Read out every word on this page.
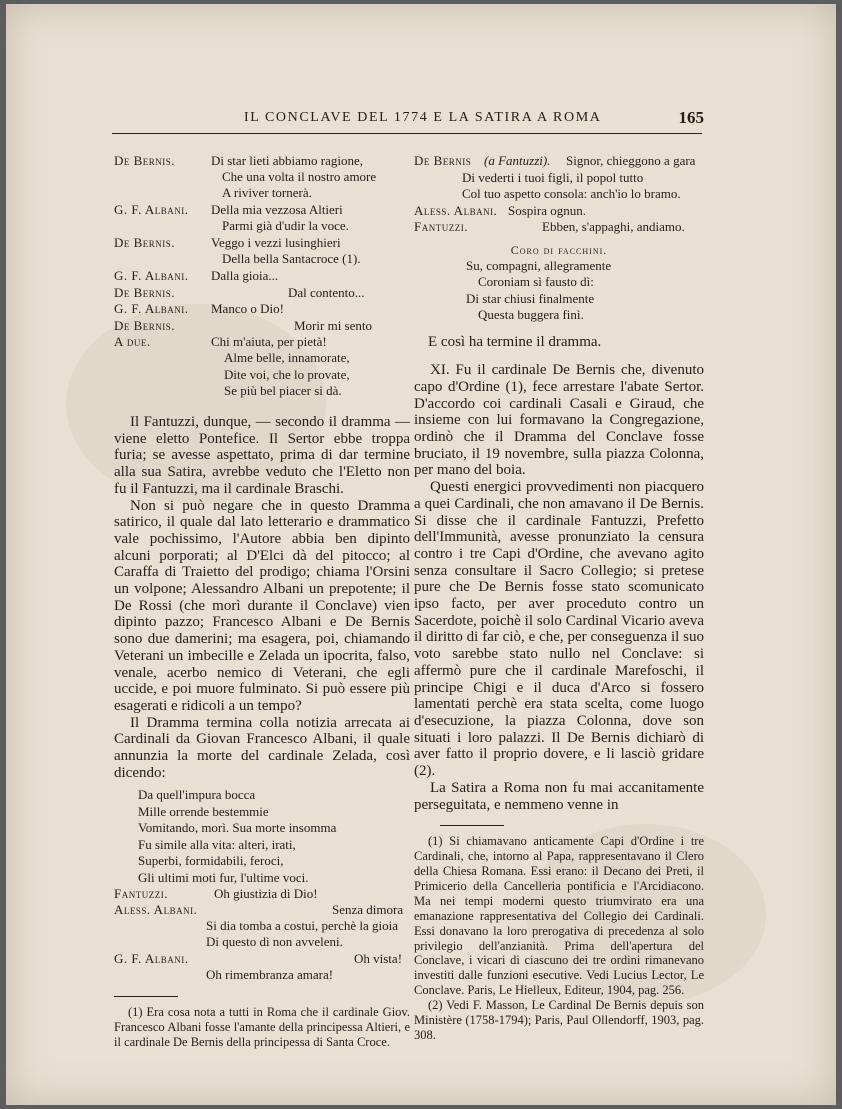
IL CONCLAVE DEL 1774 E LA SATIRA A ROMA	165
De Bernis.	Di star lieti abbiamo ragione,
Che una volta il nostro amore
A riviver tornerà.
G. F. Albani. Della mia vezzosa Altieri
Parmi già d'udir la voce.
De Bernis.	Veggo i vezzi lusinghieri
Della bella Santacroce (1).
G. F. Albani. Dalla gioia...
De Bernis.	Dal contento...
G. F. Albani. Manco o Dio!
De Bernis.	Morir mi sento
A due.	Chi m'aiuta, per pietà!
Alme belle, innamorate,
Dite voi, che lo provate,
Se più bel piacer si dà.

Il Fantuzzi, dunque, — secondo il dramma — viene eletto Pontefice. Il Sertor ebbe troppa furia; se avesse aspettato, prima di dar termine alla sua Satira, avrebbe veduto che l'Eletto non fu il Fantuzzi, ma il cardinale Braschi.

Non si può negare che in questo Dramma satirico, il quale dal lato letterario e drammatico vale pochissimo, l'Autore abbia ben dipinto alcuni porporati; al D'Elci dà del pitocco; al Caraffa di Traietto del prodigo; chiama l'Orsini un volpone; Alessandro Albani un prepotente; il De Rossi (che morì durante il Conclave) vien dipinto pazzo; Francesco Albani e De Bernis sono due damerini; ma esagera, poi, chiamando Veterani un imbecille e Zelada un ipocrita, falso, venale, acerbo nemico di Veterani, che egli uccide, e poi muore fulminato. Si può essere più esagerati e ridicoli a un tempo?

Il Dramma termina colla notizia arrecata ai Cardinali da Giovan Francesco Albani, il quale annunzia la morte del cardinale Zelada, così dicendo:

Da quell'impura bocca
Mille orrende bestemmie
Vomitando, morì. Sua morte insomma
Fu simile alla vita: alteri, irati,
Superbi, formidabili, feroci,
Gli ultimi moti fur, l'ultime voci.
Fantuzzi.	Oh giustizia di Dio!
Aless. Albani.	Senza dimora
Si dia tomba a costui, perchè la gioia
Di questo dì non avveleni.
G. F. Albani.	Oh vista!
Oh rimembranza amara!

(1) Era cosa nota a tutti in Roma che il cardinale Giov. Francesco Albani fosse l'amante della principessa Altieri, e il cardinale De Bernis della principessa di Santa Croce.

De Bernis (a Fantuzzi). Signor, chieggono a gara
Di vederti i tuoi figli, il popol tutto
Col tuo aspetto consola: anch'io lo bramo.
Aless. Albani. Sospira ognun.
Fantuzzi.	Ebben, s'appaghi, andiamo.
Coro di facchini.
Su, compagni, allegramente
Coroniam sì fausto dì:
Di star chiusi finalmente
Questa buggera finì.
E così ha termine il dramma.

XI. Fu il cardinale De Bernis che, divenuto capo d'Ordine (1), fece arrestare l'abate Sertor. D'accordo coi cardinali Casali e Giraud, che insieme con lui formavano la Congregazione, ordinò che il Dramma del Conclave fosse bruciato, il 19 novembre, sulla piazza Colonna, per mano del boia.

Questi energici provvedimenti non piacquero a quei Cardinali, che non amavano il De Bernis. Si disse che il cardinale Fantuzzi, Prefetto dell'Immunità, avesse pronunziato la censura contro i tre Capi d'Ordine, che avevano agito senza consultare il Sacro Collegio; si pretese pure che De Bernis fosse stato scomunicato ipso facto, per aver proceduto contro un Sacerdote, poichè il solo Cardinal Vicario aveva il diritto di far ciò, e che, per conseguenza il suo voto sarebbe stato nullo nel Conclave: si affermò pure che il cardinale Marefoschi, il principe Chigi e il duca d'Arco si fossero lamentati perchè era stata scelta, come luogo d'esecuzione, la piazza Colonna, dove son situati i loro palazzi. Il De Bernis dichiarò di aver fatto il proprio dovere, e li lasciò gridare (2).

La Satira a Roma non fu mai accanitamente perseguitata, e nemmeno venne in

(1) Si chiamavano anticamente Capi d'Ordine i tre Cardinali, che, intorno al Papa, rappresentavano il Clero della Chiesa Romana. Essi erano: il Decano dei Preti, il Primicerio della Cancelleria pontificia e l'Arcidiacono. Ma nei tempi moderni questo triumvirato era una emanazione rappresentativa del Collegio dei Cardinali. Essi donavano la loro prerogativa di precedenza al solo privilegio dell'anzianità. Prima dell'apertura del Conclave, i vicari di ciascuno dei tre ordini rimanevano investiti dalle funzioni esecutive. Vedi Lucius Lector, Le Conclave. Paris, Le Hielleux, Editeur, 1904, pag. 256.

(2) Vedi F. Masson, Le Cardinal De Bernis depuis son Ministère (1758-1794); Paris, Paul Ollendorff, 1903, pag. 308.
